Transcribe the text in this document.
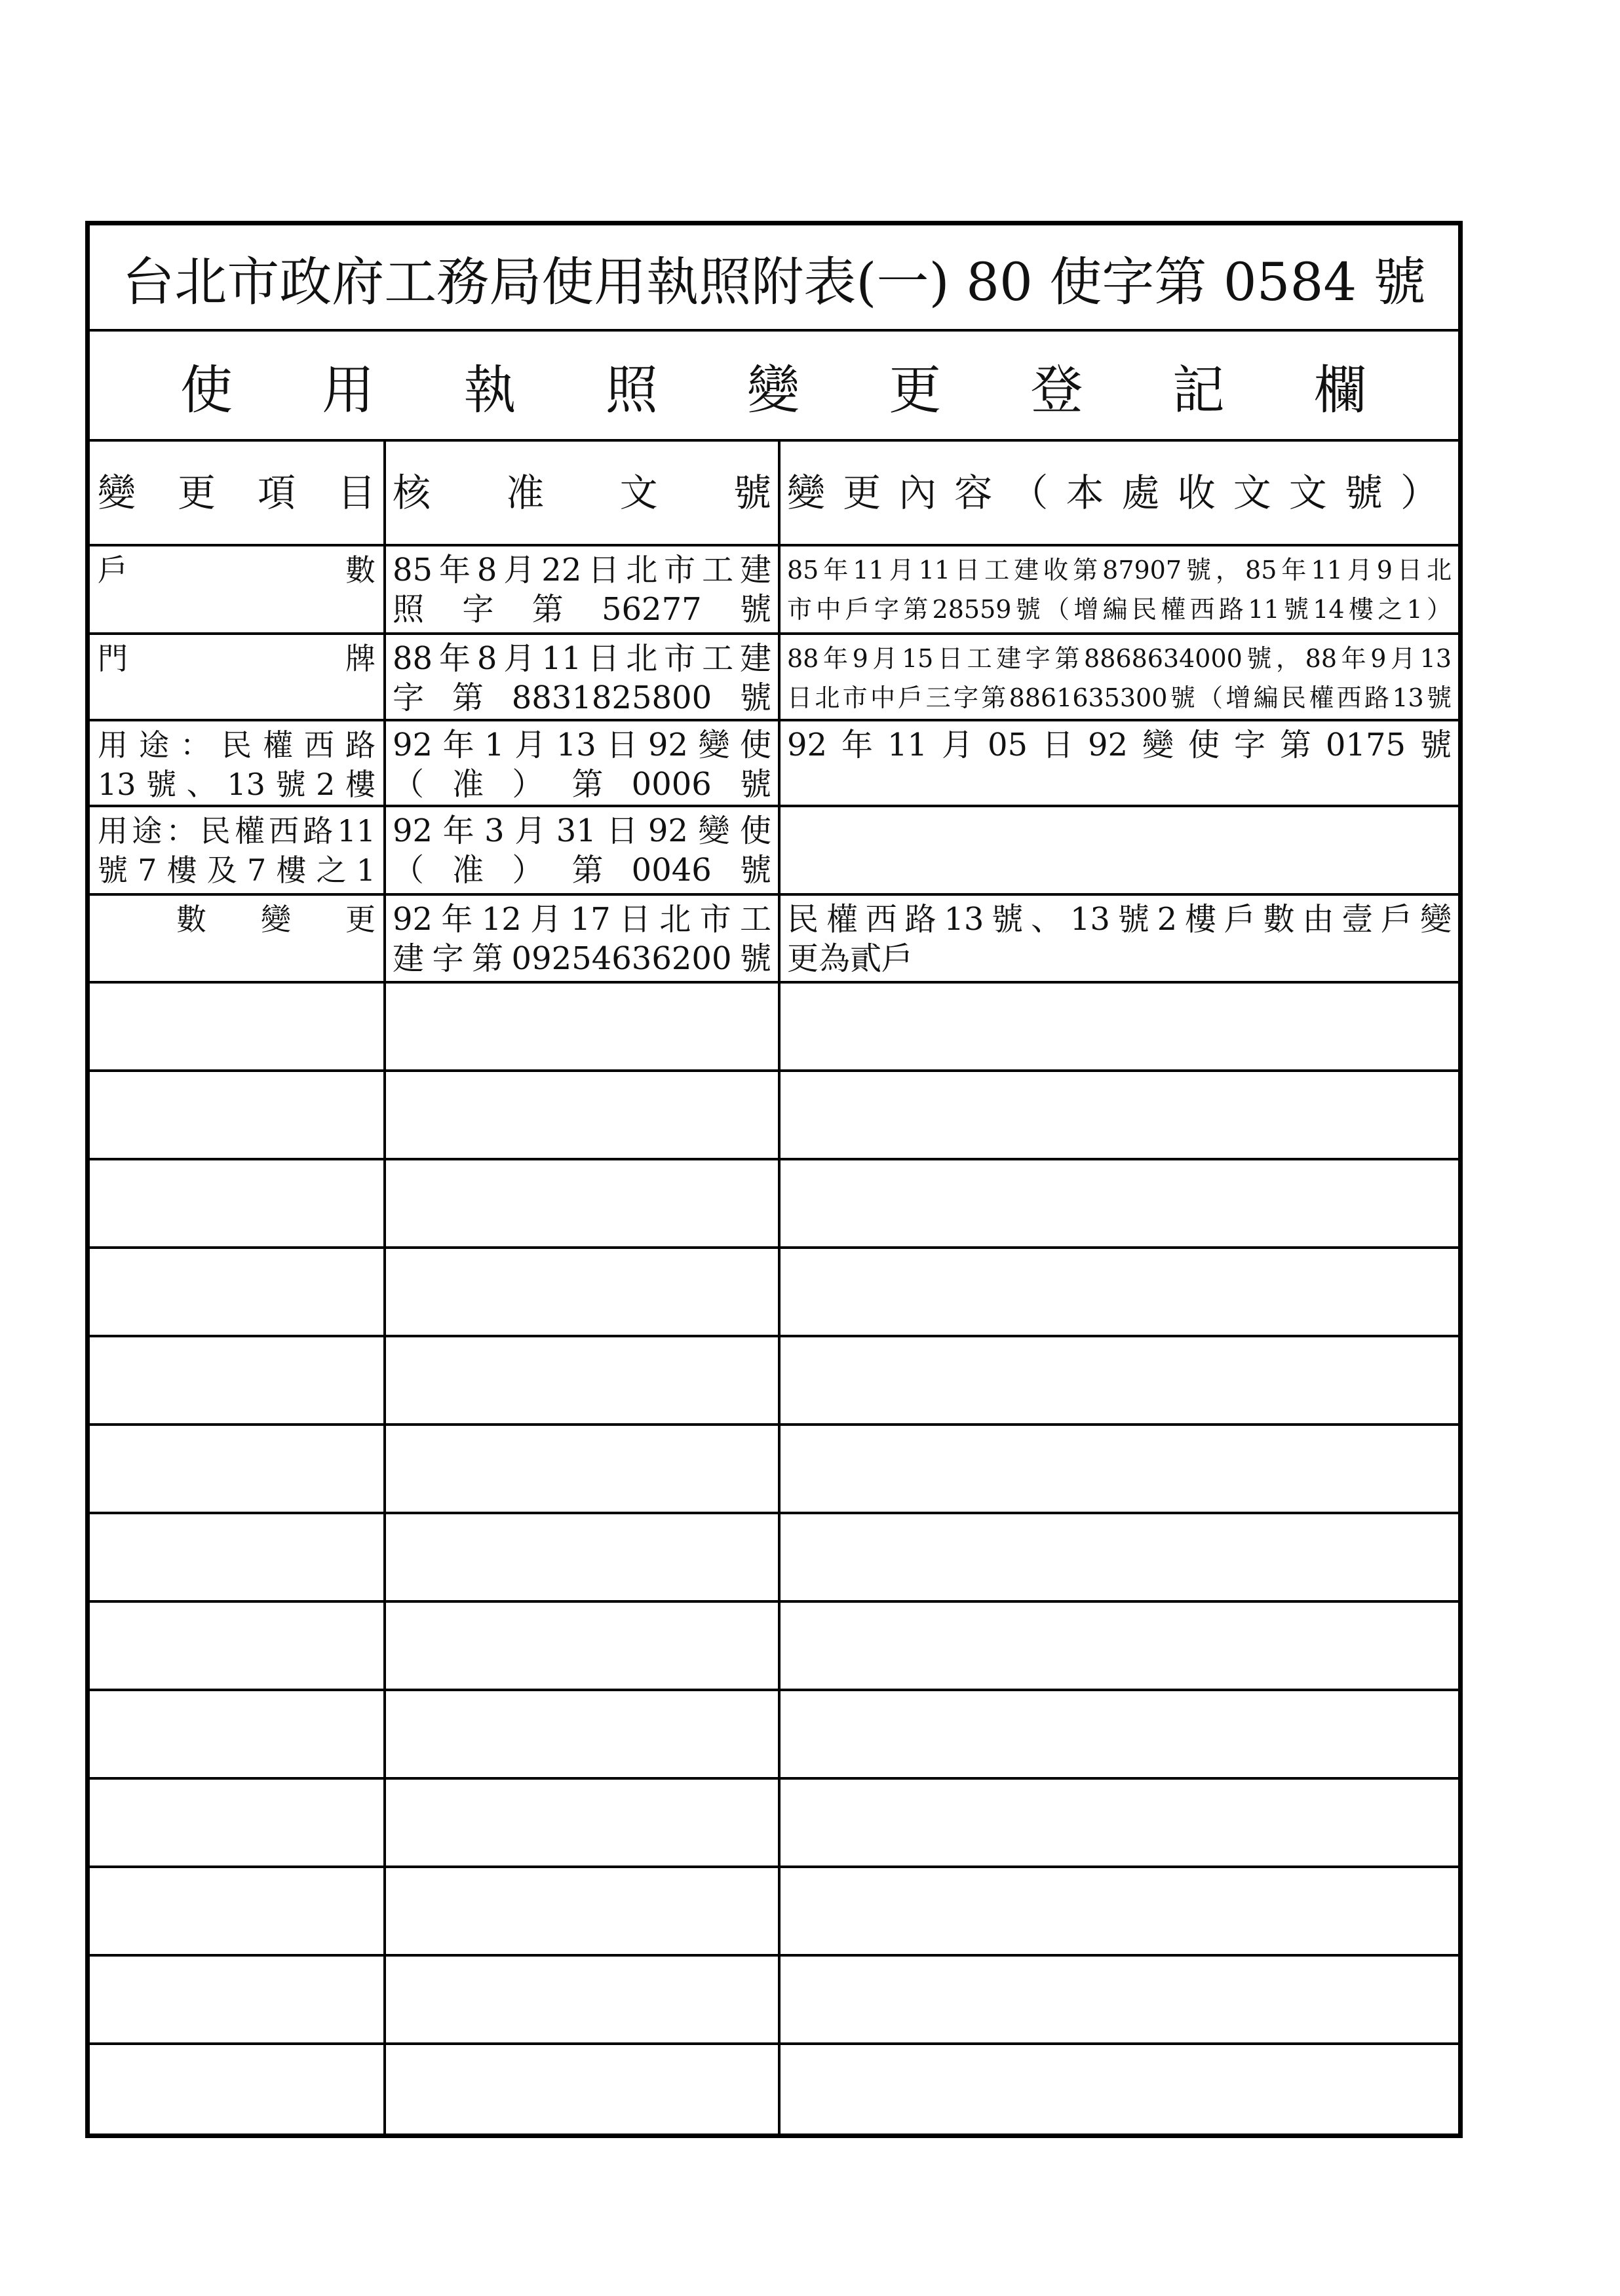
台北市政府工務局使用執照附表(一) 80 使字第 0584 號
使 用 執 照 變 更 登 記 欄
變更項目 核准文號 變更內容（本處收文文號）
戶數 85年8月22日北市工建
照字第56277號
85年11月11日工建收第87907號，85年11月9日北
市中戶字第28559號（增編民權西路11號14樓之1）
門牌 88年8月11日北市工建
字第8831825800號
88年9月15日工建字第8868634000號，88年9月13
日北市中戶三字第8861635300號（增編民權西路13號
用途：民權西路
13號、13號2樓
92年1月13日92變使
（准）第0006號
92年11月05日92變使字第0175號
用途：民權西路11
號7樓及7樓之1
92年3月31日92變使
（准）第0046號
數變更 92年12月17日北市工
建字第09254636200號
民權西路13號、13號2樓戶數由壹戶變
更為貳戶
